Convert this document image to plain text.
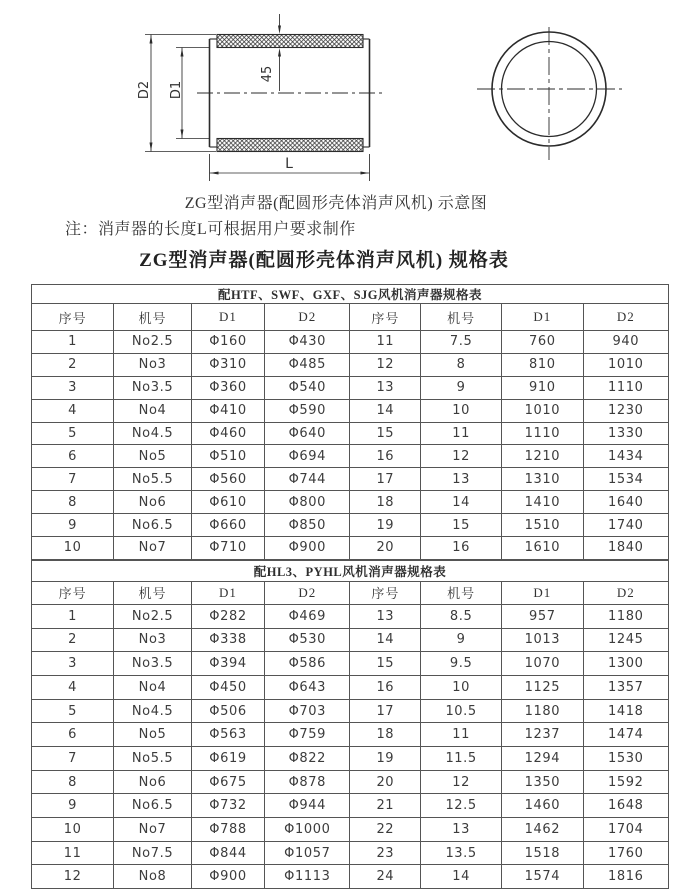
D2 D1
45
L
ZG型消声器(配圆形壳体消声风机) 示意图
注：消声器的长度L可根据用户要求制作
ZG型消声器(配圆形壳体消声风机) 规格表
配HTF、SWF、GXF、SJG风机消声器规格表							
序号	机号	D1	D2	序号	机号	D1	D2
1	No2.5	Φ160	Φ430	11	7.5	760	940
2	No3	Φ310	Φ485	12	8	810	1010
3	No3.5	Φ360	Φ540	13	9	910	1110
4	No4	Φ410	Φ590	14	10	1010	1230
5	No4.5	Φ460	Φ640	15	11	1110	1330
6	No5	Φ510	Φ694	16	12	1210	1434
7	No5.5	Φ560	Φ744	17	13	1310	1534
8	No6	Φ610	Φ800	18	14	1410	1640
9	No6.5	Φ660	Φ850	19	15	1510	1740
10	No7	Φ710	Φ900	20	16	1610	1840
配HL3、PYHL风机消声器规格表							
序号	机号	D1	D2	序号	机号	D1	D2
1	No2.5	Φ282	Φ469	13	8.5	957	1180
2	No3	Φ338	Φ530	14	9	1013	1245
3	No3.5	Φ394	Φ586	15	9.5	1070	1300
4	No4	Φ450	Φ643	16	10	1125	1357
5	No4.5	Φ506	Φ703	17	10.5	1180	1418
6	No5	Φ563	Φ759	18	11	1237	1474
7	No5.5	Φ619	Φ822	19	11.5	1294	1530
8	No6	Φ675	Φ878	20	12	1350	1592
9	No6.5	Φ732	Φ944	21	12.5	1460	1648
10	No7	Φ788	Φ1000	22	13	1462	1704
11	No7.5	Φ844	Φ1057	23	13.5	1518	1760
12	No8	Φ900	Φ1113	24	14	1574	1816
